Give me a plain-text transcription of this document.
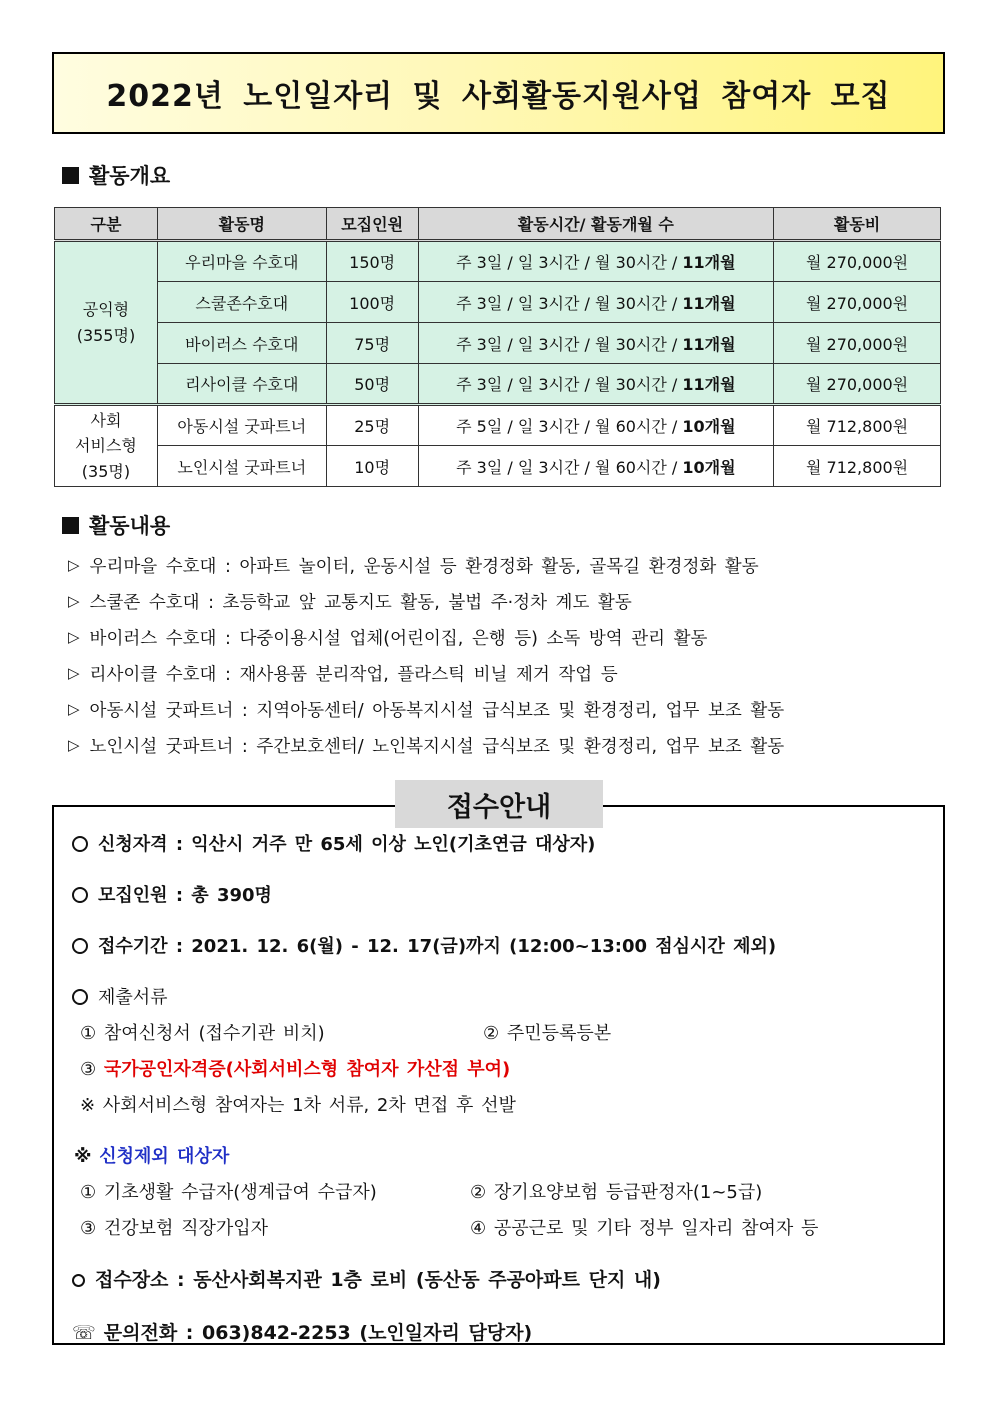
2022년 노인일자리 및 사회활동지원사업 참여자 모집
활동개요
구분	활동명	모집인원	활동시간/ 활동개월 수	활동비
공익형
(355명)	우리마을 수호대	150명	주 3일 / 일 3시간 / 월 30시간 / 11개월	월 270,000원
	스쿨존수호대	100명	주 3일 / 일 3시간 / 월 30시간 / 11개월	월 270,000원
	바이러스 수호대	75명	주 3일 / 일 3시간 / 월 30시간 / 11개월	월 270,000원
	리사이클 수호대	50명	주 3일 / 일 3시간 / 월 30시간 / 11개월	월 270,000원
사회
서비스형
(35명)	아동시설 굿파트너	25명	주 5일 / 일 3시간 / 월 60시간 / 10개월	월 712,800원
	노인시설 굿파트너	10명	주 3일 / 일 3시간 / 월 60시간 / 10개월	월 712,800원
활동내용
▷ 우리마을 수호대 : 아파트 놀이터, 운동시설 등 환경정화 활동, 골목길 환경정화 활동
▷ 스쿨존 수호대 : 초등학교 앞 교통지도 활동, 불법 주·정차 계도 활동
▷ 바이러스 수호대 : 다중이용시설 업체(어린이집, 은행 등) 소독 방역 관리 활동
▷ 리사이클 수호대 : 재사용품 분리작업, 플라스틱 비닐 제거 작업 등
▷ 아동시설 굿파트너 : 지역아동센터/ 아동복지시설 급식보조 및 환경정리, 업무 보조 활동
▷ 노인시설 굿파트너 : 주간보호센터/ 노인복지시설 급식보조 및 환경정리, 업무 보조 활동
접수안내
신청자격 : 익산시 거주 만 65세 이상 노인(기초연금 대상자)
모집인원 : 총 390명
접수기간 : 2021. 12. 6(월) - 12. 17(금)까지 (12:00~13:00 점심시간 제외)
제출서류
① 참여신청서 (접수기관 비치)	② 주민등록등본
③ 국가공인자격증(사회서비스형 참여자 가산점 부여)
※ 사회서비스형 참여자는 1차 서류, 2차 면접 후 선발
※ 신청제외 대상자
① 기초생활 수급자(생계급여 수급자)	② 장기요양보험 등급판정자(1~5급)
③ 건강보험 직장가입자	④ 공공근로 및 기타 정부 일자리 참여자 등
접수장소 : 동산사회복지관 1층 로비 (동산동 주공아파트 단지 내)
☏ 문의전화 : 063)842-2253 (노인일자리 담당자)
